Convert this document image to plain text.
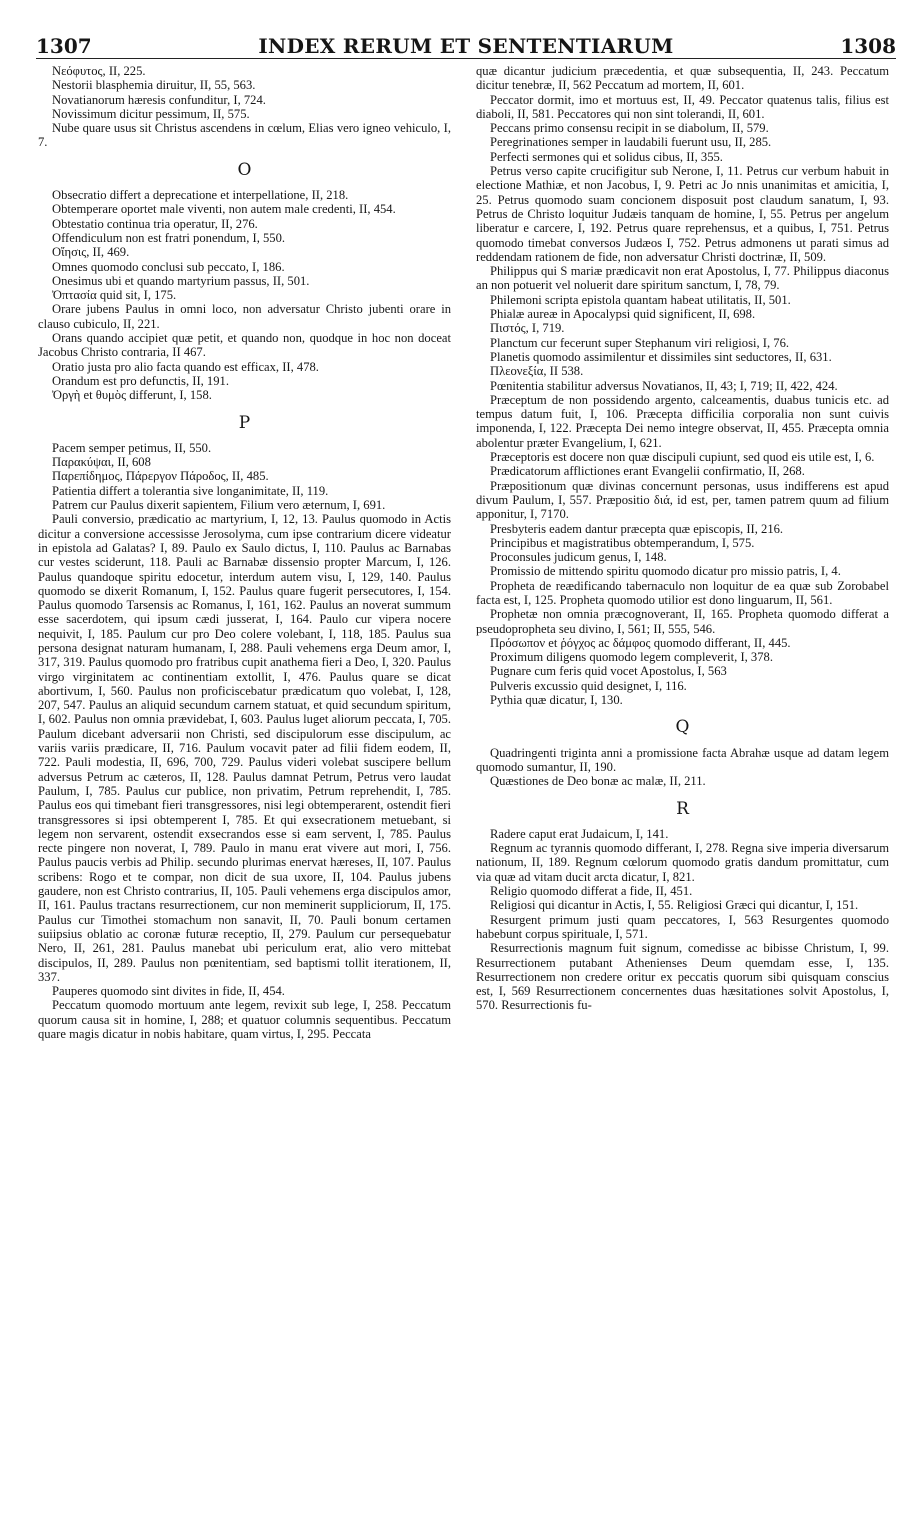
1307	INDEX RERUM ET SENTENTIARUM	1308

Νεόφυτος, II, 225.

Nestorii blasphemia diruitur, II, 55, 563.

Novatianorum hæresis confunditur, I, 724.

Novissimum dicitur pessimum, II, 575.

Nube quare usus sit Christus ascendens in cœlum, Elias vero igneo vehiculo, I, 7.

O

Obsecratio differt a deprecatione et interpellatione, II, 218.

Obtemperare oportet male viventi, non autem male credenti, II, 454.

Obtestatio continua tria operatur, II, 276.

Offendiculum non est fratri ponendum, I, 550.

Οἴησις, II, 469.

Omnes quomodo conclusi sub peccato, I, 186.

Onesimus ubi et quando martyrium passus, II, 501.

Ὀπτασία quid sit, I, 175.

Orare jubens Paulus in omni loco, non adversatur Christo jubenti orare in clauso cubiculo, II, 221.

Orans quando accipiet quæ petit, et quando non, quodque in hoc non doceat Jacobus Christo contraria, II 467.

Oratio justa pro alio facta quando est efficax, II, 478.

Orandum est pro defunctis, II, 191.

Ὀργὴ et θυμὸς differunt, I, 158.

P

Pacem semper petimus, II, 550.

Παρακύψαι, II, 608

Παρεπίδημος, Πάρεργον Πάροδος, II, 485.

Patientia differt a tolerantia sive longanimitate, II, 119.

Patrem cur Paulus dixerit sapientem, Filium vero æternum, I, 691.

Pauli conversio, prædicatio ac martyrium, I, 12, 13. Paulus quomodo in Actis dicitur a conversione accessisse Jerosolyma, cum ipse contrarium dicere videatur in epistola ad Galatas? I, 89. Paulo ex Saulo dictus, I, 110. Paulus ac Barnabas cur vestes sciderunt, 118. Pauli ac Barnabæ dissensio propter Marcum, I, 126. Paulus quandoque spiritu edocetur, interdum autem visu, I, 129, 140. Paulus quomodo se dixerit Romanum, I, 152. Paulus quare fugerit persecutores, I, 154. Paulus quomodo Tarsensis ac Romanus, I, 161, 162. Paulus an noverat summum esse sacerdotem, qui ipsum cædi jusserat, I, 164. Paulo cur vipera nocere nequivit, I, 185. Paulum cur pro Deo colere volebant, I, 118, 185. Paulus sua persona designat naturam humanam, I, 288. Pauli vehemens erga Deum amor, I, 317, 319. Paulus quomodo pro fratribus cupit anathema fieri a Deo, I, 320. Paulus virgo virginitatem ac continentiam extollit, I, 476. Paulus quare se dicat abortivum, I, 560. Paulus non proficiscebatur prædicatum quo volebat, I, 128, 207, 547. Paulus an aliquid secundum carnem statuat, et quid secundum spiritum, I, 602. Paulus non omnia prævidebat, I, 603. Paulus luget aliorum peccata, I, 705. Paulum dicebant adversarii non Christi, sed discipulorum esse discipulum, ac variis variis prædicare, II, 716. Paulum vocavit pater ad filii fidem eodem, II, 722. Pauli modestia, II, 696, 700, 729. Paulus videri volebat suscipere bellum adversus Petrum ac cæteros, II, 128. Paulus damnat Petrum, Petrus vero laudat Paulum, I, 785. Paulus cur publice, non privatim, Petrum reprehendit, I, 785. Paulus eos qui timebant fieri transgressores, nisi legi obtemperarent, ostendit fieri transgressores si ipsi obtemperent I, 785. Et qui exsecrationem metuebant, si legem non servarent, ostendit exsecrandos esse si eam servent, I, 785. Paulus recte pingere non noverat, I, 789. Paulo in manu erat vivere aut mori, I, 756. Paulus paucis verbis ad Philip. secundo plurimas enervat hæreses, II, 107. Paulus scribens: Rogo et te compar, non dicit de sua uxore, II, 104. Paulus jubens gaudere, non est Christo contrarius, II, 105. Pauli vehemens erga discipulos amor, II, 161. Paulus tractans resurrectionem, cur non meminerit suppliciorum, II, 175. Paulus cur Timothei stomachum non sanavit, II, 70. Pauli bonum certamen suiipsius oblatio ac coronæ futuræ receptio, II, 279. Paulum cur persequebatur Nero, II, 261, 281. Paulus manebat ubi periculum erat, alio vero mittebat discipulos, II, 289. Paulus non pœnitentiam, sed baptismi tollit iterationem, II, 337.

Pauperes quomodo sint divites in fide, II, 454.

Peccatum quomodo mortuum ante legem, revixit sub lege, I, 258. Peccatum quorum causa sit in homine, I, 288; et quatuor columnis sequentibus. Peccatum quare magis dicatur in nobis habitare, quam virtus, I, 295. Peccata

quæ dicantur judicium præcedentia, et quæ subsequentia, II, 243. Peccatum dicitur tenebræ, II, 562 Peccatum ad mortem, II, 601.

Peccator dormit, imo et mortuus est, II, 49. Peccator quatenus talis, filius est diaboli, II, 581. Peccatores qui non sint tolerandi, II, 601.

Peccans primo consensu recipit in se diabolum, II, 579.

Peregrinationes semper in laudabili fuerunt usu, II, 285.

Perfecti sermones qui et solidus cibus, II, 355.

Petrus verso capite crucifigitur sub Nerone, I, 11. Petrus cur verbum habuit in electione Mathiæ, et non Jacobus, I, 9. Petri ac Jo nnis unanimitas et amicitia, I, 25. Petrus quomodo suam concionem disposuit post claudum sanatum, I, 93. Petrus de Christo loquitur Judæis tanquam de homine, I, 55. Petrus per angelum liberatur e carcere, I, 192. Petrus quare reprehensus, et a quibus, I, 751. Petrus quomodo timebat conversos Judæos I, 752. Petrus admonens ut parati simus ad reddendam rationem de fide, non adversatur Christi doctrinæ, II, 509.

Philippus qui S mariæ prædicavit non erat Apostolus, I, 77. Philippus diaconus an non potuerit vel noluerit dare spiritum sanctum, I, 78, 79.

Philemoni scripta epistola quantam habeat utilitatis, II, 501.

Phialæ aureæ in Apocalypsi quid significent, II, 698.

Πιστός, I, 719.

Planctum cur fecerunt super Stephanum viri religiosi, I, 76.

Planetis quomodo assimilentur et dissimiles sint seductores, II, 631.

Πλεονεξία, II 538.

Pœnitentia stabilitur adversus Novatianos, II, 43; I, 719; II, 422, 424.

Præceptum de non possidendo argento, calceamentis, duabus tunicis etc. ad tempus datum fuit, I, 106. Præcepta difficilia corporalia non sunt cuivis imponenda, I, 122. Præcepta Dei nemo integre observat, II, 455. Præcepta omnia abolentur præter Evangelium, I, 621.

Præceptoris est docere non quæ discipuli cupiunt, sed quod eis utile est, I, 6.

Prædicatorum afflictiones erant Evangelii confirmatio, II, 268.

Præpositionum quæ divinas concernunt personas, usus indifferens est apud divum Paulum, I, 557. Præpositio διά, id est, per, tamen patrem quum ad filium apponitur, I, 7170.

Presbyteris eadem dantur præcepta quæ episcopis, II, 216.

Principibus et magistratibus obtemperandum, I, 575.

Proconsules judicum genus, I, 148.

Promissio de mittendo spiritu quomodo dicatur pro missio patris, I, 4.

Propheta de reædificando tabernaculo non loquitur de ea quæ sub Zorobabel facta est, I, 125. Propheta quomodo utilior est dono linguarum, II, 561.

Prophetæ non omnia præcognoverant, II, 165. Propheta quomodo differat a pseudopropheta seu divino, I, 561; II, 555, 546.

Πρόσωπον et ῥόγχος ac δάμφος quomodo differant, II, 445.

Proximum diligens quomodo legem compleverit, I, 378.

Pugnare cum feris quid vocet Apostolus, I, 563

Pulveris excussio quid designet, I, 116.

Pythia quæ dicatur, I, 130.

Q

Quadringenti triginta anni a promissione facta Abrahæ usque ad datam legem quomodo sumantur, II, 190.

Quæstiones de Deo bonæ ac malæ, II, 211.

R

Radere caput erat Judaicum, I, 141.

Regnum ac tyrannis quomodo differant, I, 278. Regna sive imperia diversarum nationum, II, 189. Regnum cœlorum quomodo gratis dandum promittatur, cum via quæ ad vitam ducit arcta dicatur, I, 821.

Religio quomodo differat a fide, II, 451.

Religiosi qui dicantur in Actis, I, 55. Religiosi Græci qui dicantur, I, 151.

Resurgent primum justi quam peccatores, I, 563 Resurgentes quomodo habebunt corpus spirituale, I, 571.

Resurrectionis magnum fuit signum, comedisse ac bibisse Christum, I, 99. Resurrectionem putabant Athenienses Deum quemdam esse, I, 135. Resurrectionem non credere oritur ex peccatis quorum sibi quisquam conscius est, I, 569 Resurrectionem concernentes duas hæsitationes solvit Apostolus, I, 570. Resurrectionis fu-
